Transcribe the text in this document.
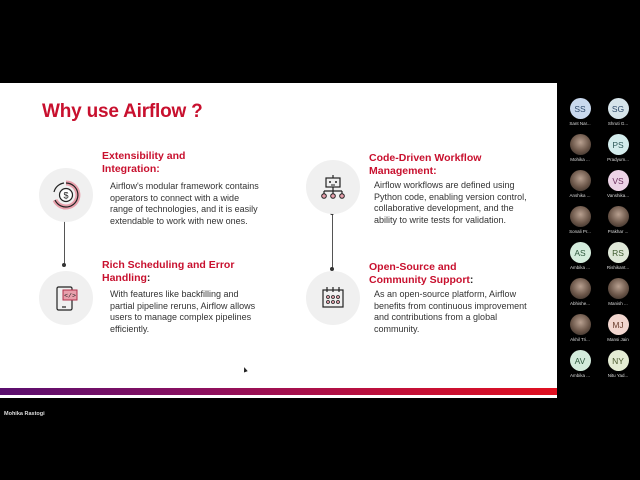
Why use Airflow ?
$
Extensibility and
Integration:
Airflow's modular framework contains
operators to connect with a wide
range of technologies, and it is easily
extendable to work with new ones.
</>
Rich Scheduling and Error
Handling:
With features like backfilling and
partial pipeline reruns, Airflow allows
users to manage complex pipelines
efficiently.
Code-Driven Workflow
Management:
Airflow workflows are defined using
Python code, enabling version control,
collaborative development, and the
ability to write tests for validation.
Open-Source and
Community Support:
As an open-source platform, Airflow
benefits from continuous improvement
and contributions from a global
community.
Mohika Rastogi
SS
Sant Nar...
SG
Shruti G...
Mohika ...
PS
Pradyum...
Anshika ...
VS
Vanshika...
Sonali Pr...	Prakhar ...
AS
Ambika ...
RS
Rishikant...
Abhishe...	Manish ...
Akhil Tri...
MJ
Mansi Jain
AV
Ambika ...
NY
Nitu Yad...
